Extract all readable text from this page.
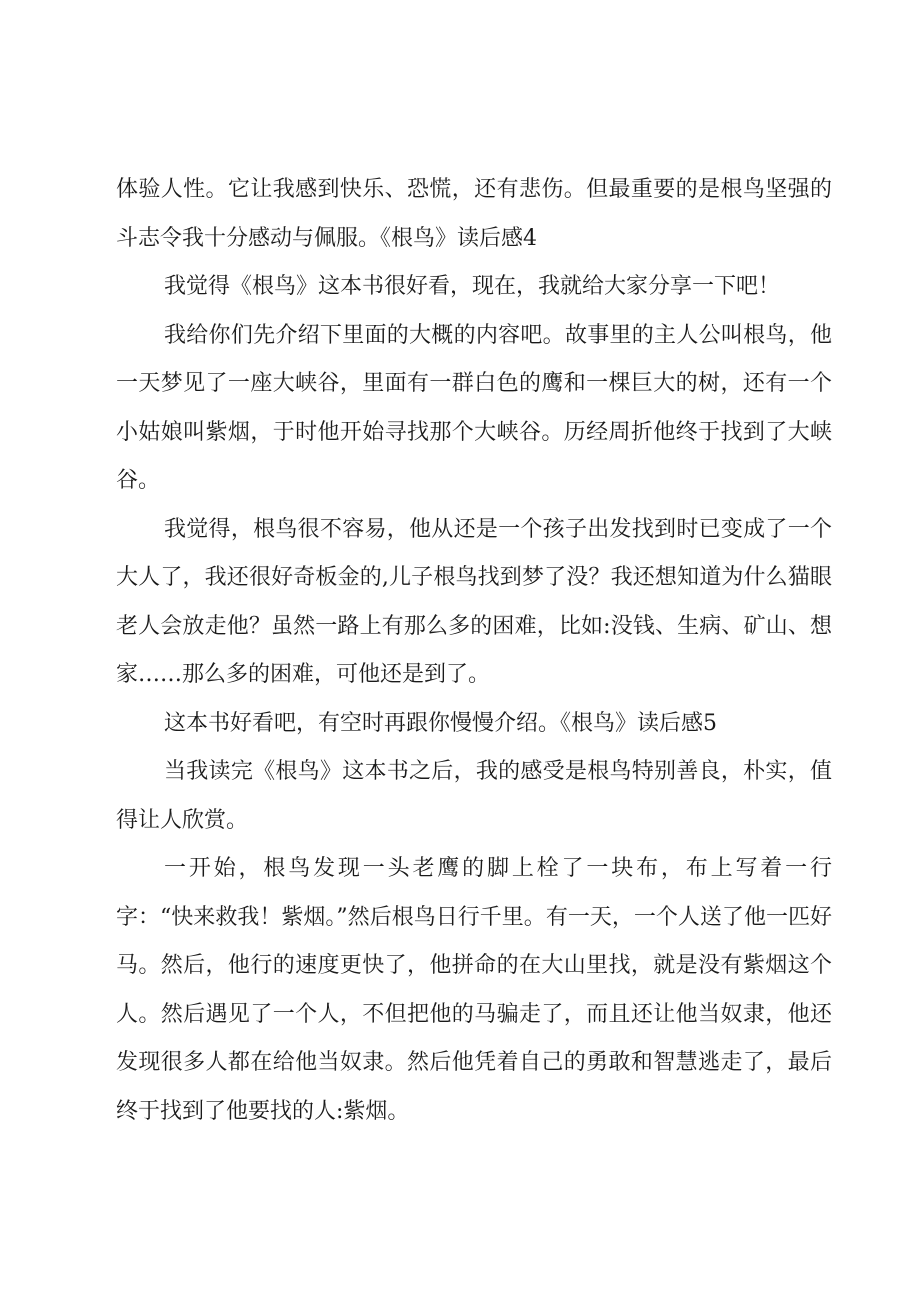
体验人性。它让我感到快乐、恐慌，还有悲伤。但最重要的是根鸟坚强的斗志令我十分感动与佩服。《根鸟》读后感4

我觉得《根鸟》这本书很好看，现在，我就给大家分享一下吧！

我给你们先介绍下里面的大概的内容吧。故事里的主人公叫根鸟，他一天梦见了一座大峡谷，里面有一群白色的鹰和一棵巨大的树，还有一个小姑娘叫紫烟，于时他开始寻找那个大峡谷。历经周折他终于找到了大峡谷。

我觉得，根鸟很不容易，他从还是一个孩子出发找到时已变成了一个大人了，我还很好奇板金的,儿子根鸟找到梦了没？我还想知道为什么猫眼老人会放走他？虽然一路上有那么多的困难，比如:没钱、生病、矿山、想家……那么多的困难，可他还是到了。

这本书好看吧，有空时再跟你慢慢介绍。《根鸟》读后感5

当我读完《根鸟》这本书之后，我的感受是根鸟特别善良，朴实，值得让人欣赏。

一开始，根鸟发现一头老鹰的脚上栓了一块布，布上写着一行字：“快来救我！紫烟。”然后根鸟日行千里。有一天，一个人送了他一匹好马。然后，他行的速度更快了，他拼命的在大山里找，就是没有紫烟这个人。然后遇见了一个人，不但把他的马骗走了，而且还让他当奴隶，他还发现很多人都在给他当奴隶。然后他凭着自己的勇敢和智慧逃走了，最后终于找到了他要找的人:紫烟。
